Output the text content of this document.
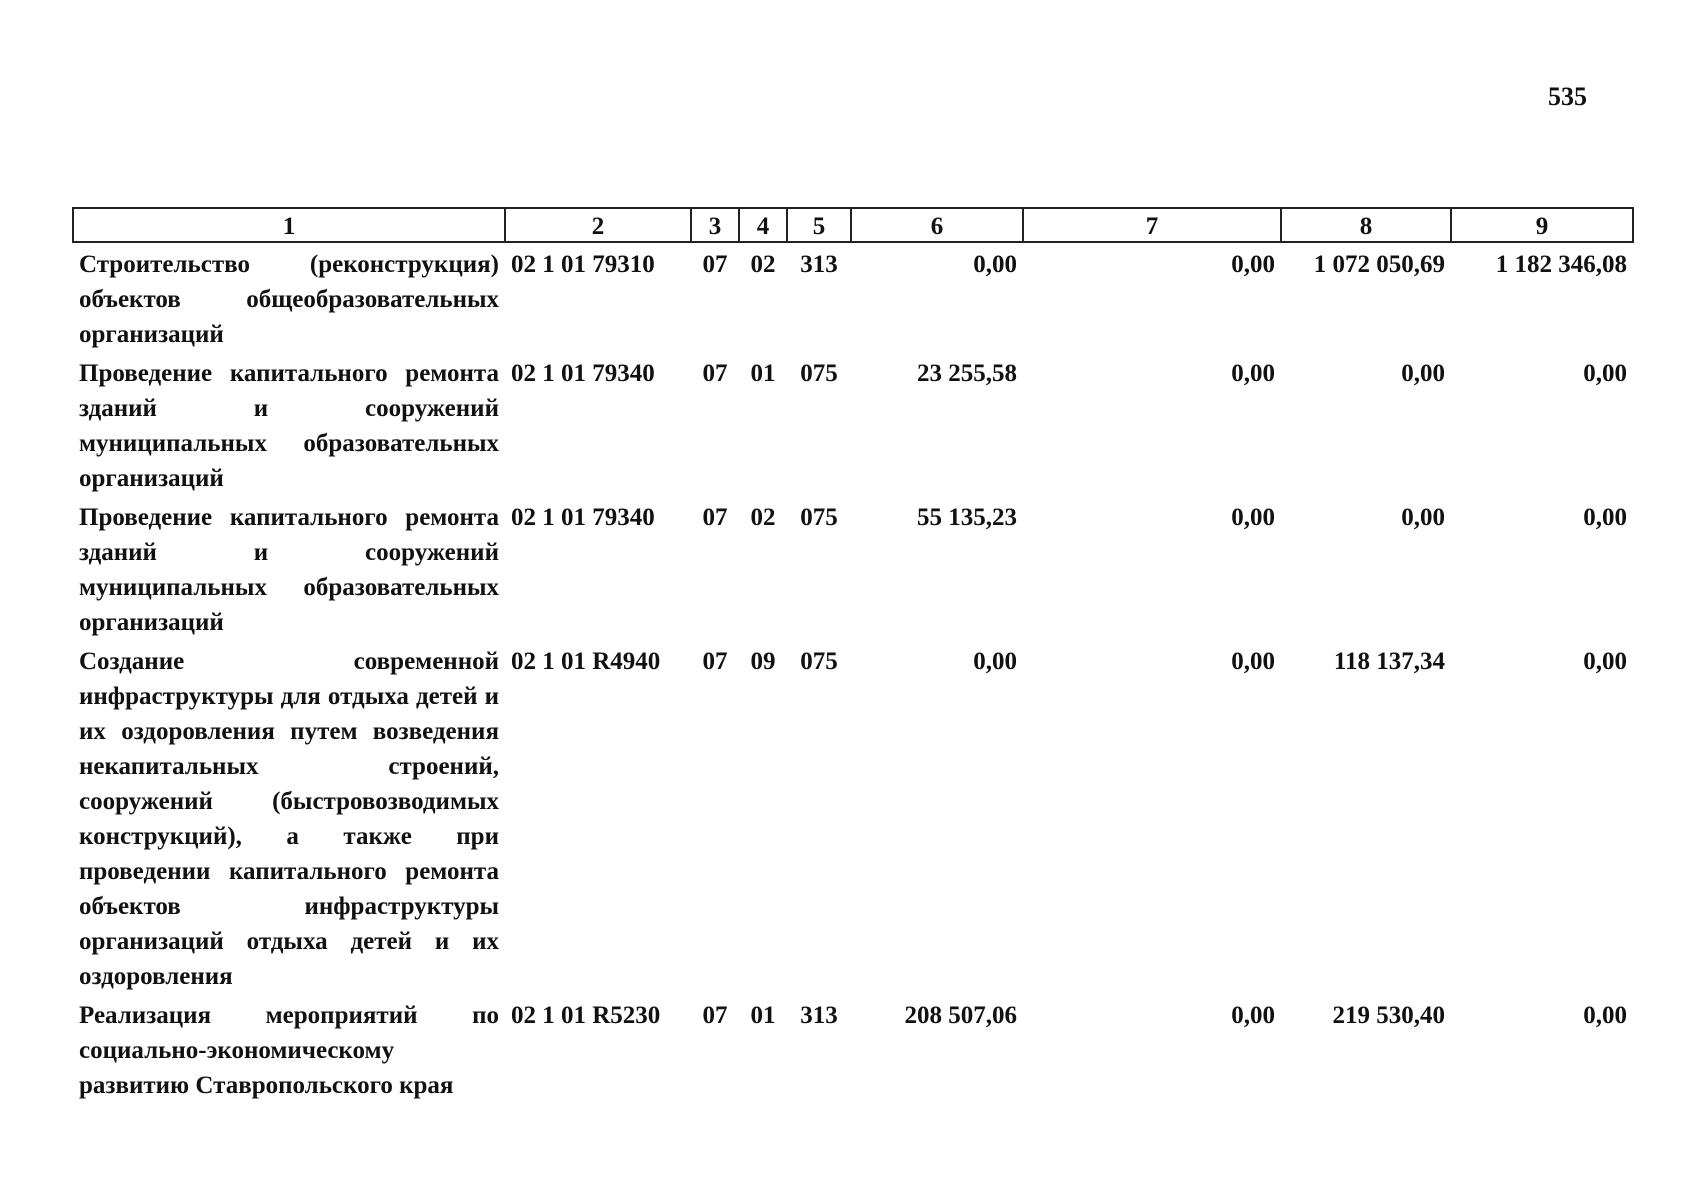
535
1	2	3	4	5	6	7	8	9
Строительство (реконструкция) объектов общеобразовательных организаций	02 1 01 79310	07	02	313	0,00	0,00	1 072 050,69	1 182 346,08
Проведение капитального ремонта зданий и сооружений муниципальных образовательных организаций	02 1 01 79340	07	01	075	23 255,58	0,00	0,00	0,00
Проведение капитального ремонта зданий и сооружений муниципальных образовательных организаций	02 1 01 79340	07	02	075	55 135,23	0,00	0,00	0,00
Создание современной инфраструктуры для отдыха детей и их оздоровления путем возведения некапитальных строений, сооружений (быстровозводимых конструкций), а также при проведении капитального ремонта объектов инфраструктуры организаций отдыха детей и их оздоровления	02 1 01 R4940	07	09	075	0,00	0,00	118 137,34	0,00
Реализация мероприятий по социально-экономическому развитию Ставропольского края	02 1 01 R5230	07	01	313	208 507,06	0,00	219 530,40	0,00
